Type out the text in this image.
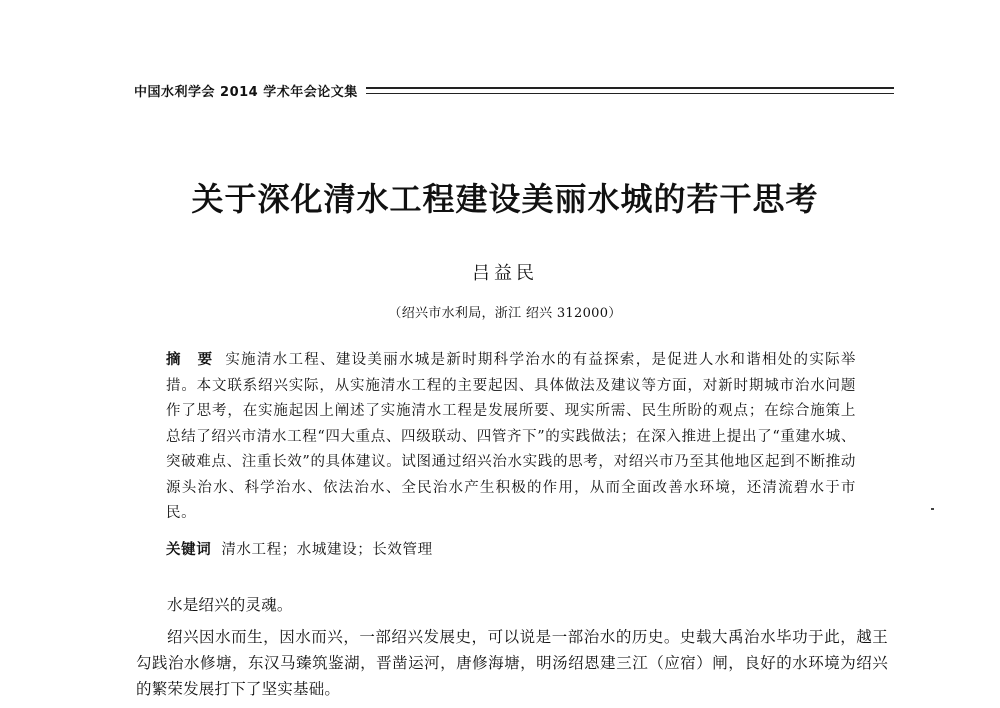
中国水利学会 2014 学术年会论文集
关于深化清水工程建设美丽水城的若干思考
吕益民
（绍兴市水利局，浙江 绍兴 312000）

摘　要 实施清水工程、建设美丽水城是新时期科学治水的有益探索，是促进人水和谐相处的实际举措。本文联系绍兴实际，从实施清水工程的主要起因、具体做法及建议等方面，对新时期城市治水问题作了思考，在实施起因上阐述了实施清水工程是发展所要、现实所需、民生所盼的观点；在综合施策上总结了绍兴市清水工程“四大重点、四级联动、四管齐下”的实践做法；在深入推进上提出了“重建水城、突破难点、注重长效”的具体建议。试图通过绍兴治水实践的思考，对绍兴市乃至其他地区起到不断推动源头治水、科学治水、依法治水、全民治水产生积极的作用，从而全面改善水环境，还清流碧水于市民。

关键词 清水工程；水城建设；长效管理

水是绍兴的灵魂。

绍兴因水而生，因水而兴，一部绍兴发展史，可以说是一部治水的历史。史载大禹治水毕功于此，越王勾践治水修塘，东汉马臻筑鉴湖，晋凿运河，唐修海塘，明汤绍恩建三江（应宿）闸，良好的水环境为绍兴的繁荣发展打下了坚实基础。
